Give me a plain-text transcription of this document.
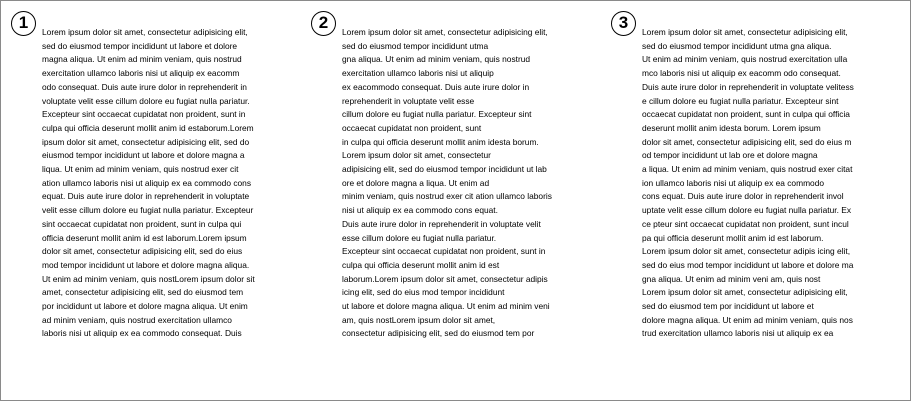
1	Lorem ipsum dolor sit amet, consectetur adipisicing elit,
sed do eiusmod tempor incididunt ut labore et dolore
magna aliqua. Ut enim ad minim veniam, quis nostrud
exercitation ullamco laboris nisi ut aliquip ex eacomm
odo consequat. Duis aute irure dolor in reprehenderit in
voluptate velit esse cillum dolore eu fugiat nulla pariatur.
Excepteur sint occaecat cupidatat non proident, sunt in
culpa qui officia deserunt mollit anim id estaborum.Lorem
ipsum dolor sit amet, consectetur adipisicing elit, sed do
eiusmod tempor incididunt ut labore et dolore magna a
liqua. Ut enim ad minim veniam, quis nostrud exer cit
ation ullamco laboris nisi ut aliquip ex ea commodo cons
equat. Duis aute irure dolor in reprehenderit in voluptate
velit esse cillum dolore eu fugiat nulla pariatur. Excepteur
sint occaecat cupidatat non proident, sunt in culpa qui
officia deserunt mollit anim id est laborum.Lorem ipsum
dolor sit amet, consectetur adipisicing elit, sed do eius
mod tempor incididunt ut labore et dolore magna aliqua.
Ut enim ad minim veniam, quis nostLorem ipsum dolor sit
amet, consectetur adipisicing elit, sed do eiusmod tem
por incididunt ut labore et dolore magna aliqua. Ut enim
ad minim veniam, quis nostrud exercitation ullamco
laboris nisi ut aliquip ex ea commodo consequat. Duis
2	Lorem ipsum dolor sit amet, consectetur adipisicing elit,
sed do eiusmod tempor incididunt utma
gna aliqua. Ut enim ad minim veniam, quis nostrud
exercitation ullamco laboris nisi ut aliquip
ex eacommodo consequat. Duis aute irure dolor in
reprehenderit in voluptate velit esse
cillum dolore eu fugiat nulla pariatur. Excepteur sint
occaecat cupidatat non proident, sunt
in culpa qui officia deserunt mollit anim idesta borum.
Lorem ipsum dolor sit amet, consectetur
adipisicing elit, sed do eiusmod tempor incididunt ut lab
ore et dolore magna a liqua. Ut enim ad
minim veniam, quis nostrud exer cit ation ullamco laboris
nisi ut aliquip ex ea commodo cons equat.
Duis aute irure dolor in reprehenderit in voluptate velit
esse cillum dolore eu fugiat nulla pariatur.
Excepteur sint occaecat cupidatat non proident, sunt in
culpa qui officia deserunt mollit anim id est
laborum.Lorem ipsum dolor sit amet, consectetur adipis
icing elit, sed do eius mod tempor incididunt
ut labore et dolore magna aliqua. Ut enim ad minim veni
am, quis nostLorem ipsum dolor sit amet,
consectetur adipisicing elit, sed do eiusmod tem por
3	Lorem ipsum dolor sit amet, consectetur adipisicing elit,
sed do eiusmod tempor incididunt utma gna aliqua.
Ut enim ad minim veniam, quis nostrud exercitation ulla
mco laboris nisi ut aliquip ex eacomm odo consequat.
Duis aute irure dolor in reprehenderit in voluptate velitess
e cillum dolore eu fugiat nulla pariatur. Excepteur sint
occaecat cupidatat non proident, sunt in culpa qui officia
deserunt mollit anim idesta borum. Lorem ipsum
dolor sit amet, consectetur adipisicing elit, sed do eius m
od tempor incididunt ut lab ore et dolore magna
a liqua. Ut enim ad minim veniam, quis nostrud exer citat
ion ullamco laboris nisi ut aliquip ex ea commodo
cons equat. Duis aute irure dolor in reprehenderit invol
uptate velit esse cillum dolore eu fugiat nulla pariatur. Ex
ce pteur sint occaecat cupidatat non proident, sunt incul
pa qui officia deserunt mollit anim id est laborum.
Lorem ipsum dolor sit amet, consectetur adipis icing elit,
sed do eius mod tempor incididunt ut labore et dolore ma
gna aliqua. Ut enim ad minim veni am, quis nost
Lorem ipsum dolor sit amet, consectetur adipisicing elit,
sed do eiusmod tem por incididunt ut labore et
dolore magna aliqua. Ut enim ad minim veniam, quis nos
trud exercitation ullamco laboris nisi ut aliquip ex ea
